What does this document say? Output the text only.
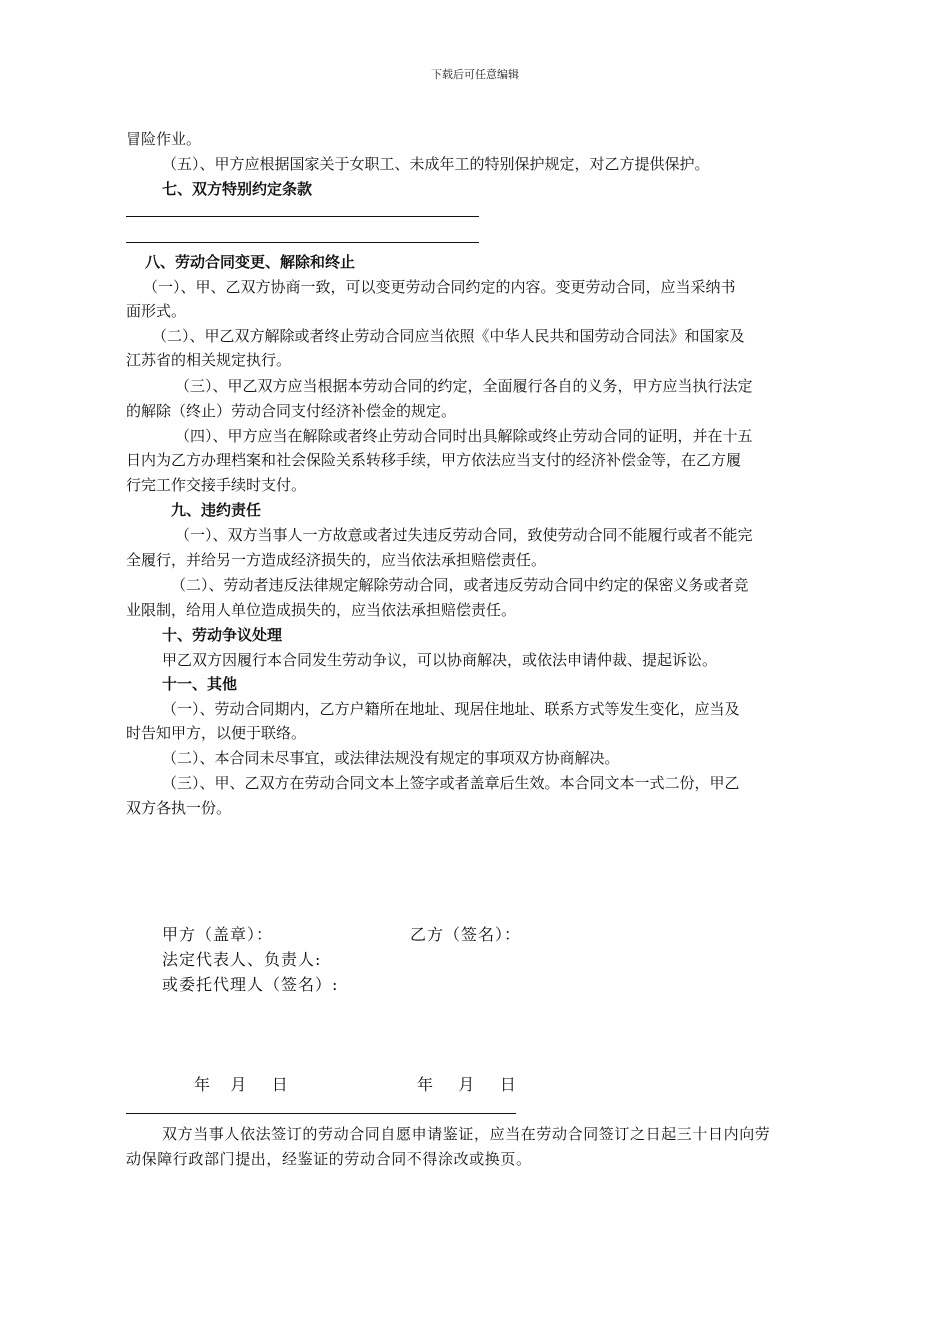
下载后可任意编辑
冒险作业。
（五）、甲方应根据国家关于女职工、未成年工的特别保护规定，对乙方提供保护。
七、双方特别约定条款
八、劳动合同变更、解除和终止
（一）、甲、乙双方协商一致，可以变更劳动合同约定的内容。变更劳动合同，应当采纳书
面形式。
（二）、甲乙双方解除或者终止劳动合同应当依照《中华人民共和国劳动合同法》和国家及
江苏省的相关规定执行。
（三）、甲乙双方应当根据本劳动合同的约定，全面履行各自的义务，甲方应当执行法定
的解除（终止）劳动合同支付经济补偿金的规定。
（四）、甲方应当在解除或者终止劳动合同时出具解除或终止劳动合同的证明，并在十五
日内为乙方办理档案和社会保险关系转移手续，甲方依法应当支付的经济补偿金等，在乙方履
行完工作交接手续时支付。
九、违约责任
（一）、双方当事人一方故意或者过失违反劳动合同，致使劳动合同不能履行或者不能完
全履行，并给另一方造成经济损失的，应当依法承担赔偿责任。
（二）、劳动者违反法律规定解除劳动合同，或者违反劳动合同中约定的保密义务或者竞
业限制，给用人单位造成损失的，应当依法承担赔偿责任。
十、劳动争议处理
甲乙双方因履行本合同发生劳动争议，可以协商解决，或依法申请仲裁、提起诉讼。
十一、其他
（一）、劳动合同期内，乙方户籍所在地址、现居住地址、联系方式等发生变化，应当及
时告知甲方，以便于联络。
（二）、本合同未尽事宜，或法律法规没有规定的事项双方协商解决。
（三）、甲、乙双方在劳动合同文本上签字或者盖章后生效。本合同文本一式二份，甲乙
双方各执一份。
甲方（盖章）：	乙方（签名）：
法定代表人、负责人:
或委托代理人（签名）:
年    月     日	年     月     日
双方当事人依法签订的劳动合同自愿申请鉴证，应当在劳动合同签订之日起三十日内向劳
动保障行政部门提出，经鉴证的劳动合同不得涂改或换页。
